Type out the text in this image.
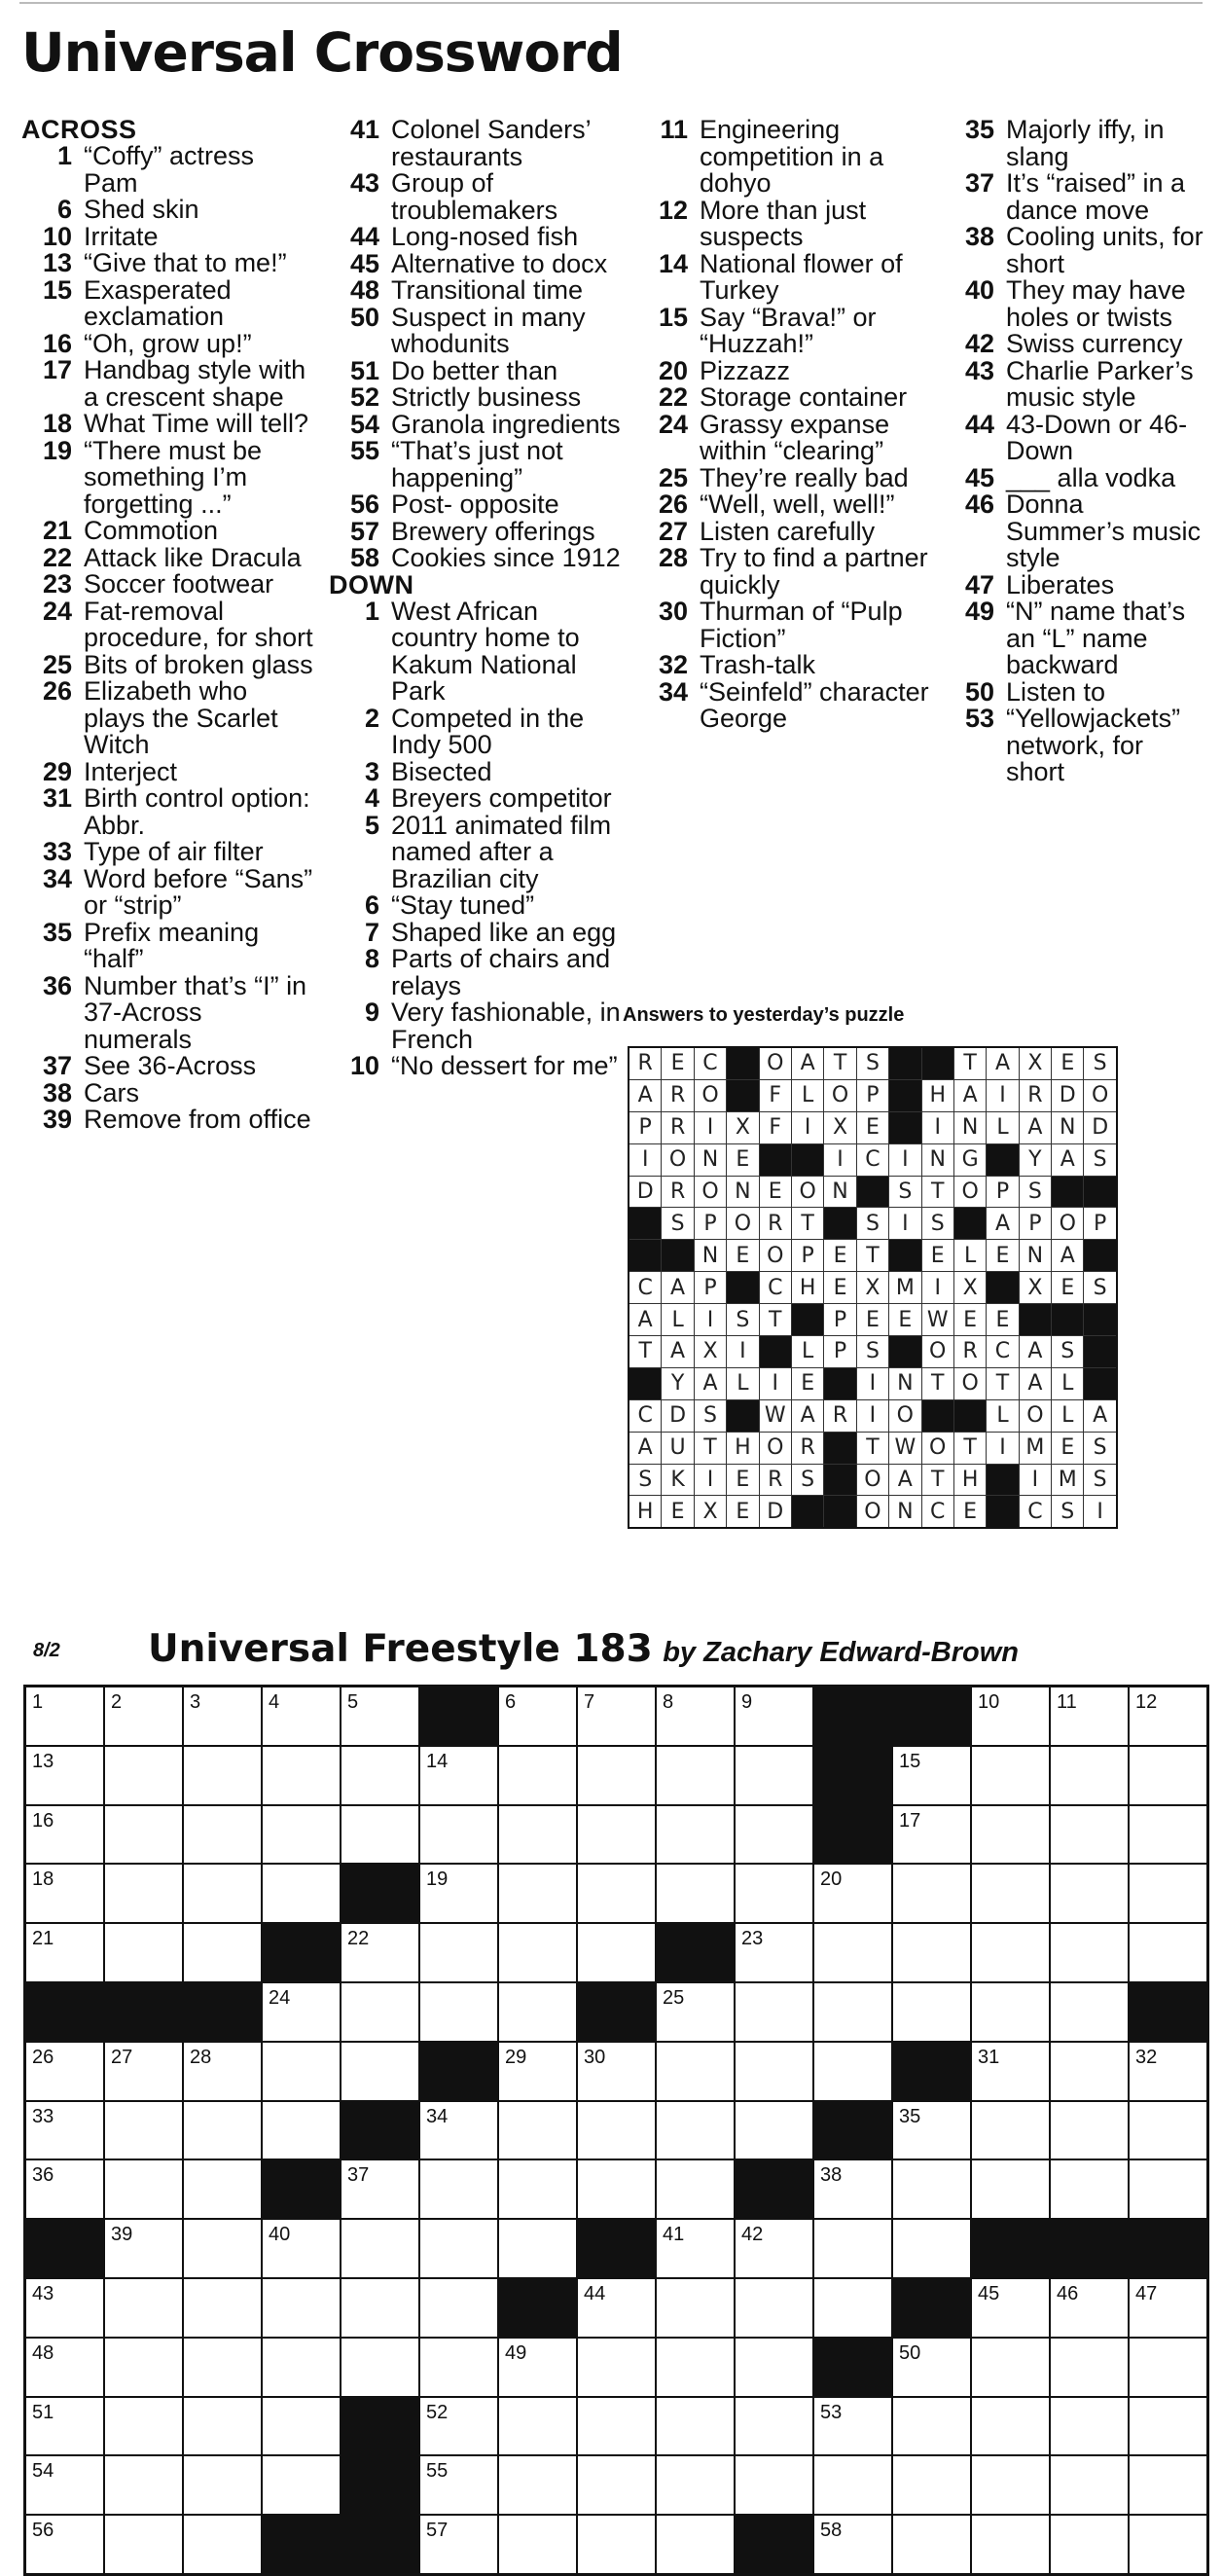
Universal Crossword
ACROSS
1 “Coffy” actress Pam
6 Shed skin
10 Irritate
13 “Give that to me!”
15 Exasperated exclamation
16 “Oh, grow up!”
17 Handbag style with a crescent shape
18 What Time will tell?
19 “There must be something I’m forgetting ...”
21 Commotion
22 Attack like Dracula
23 Soccer footwear
24 Fat-removal procedure, for short
25 Bits of broken glass
26 Elizabeth who plays the Scarlet Witch
29 Interject
31 Birth control option: Abbr.
33 Type of air filter
34 Word before “Sans” or “strip”
35 Prefix meaning “half”
36 Number that’s “I” in 37-Across numerals
37 See 36-Across
38 Cars
39 Remove from office
41 Colonel Sanders’ restaurants
43 Group of troublemakers
44 Long-nosed fish
45 Alternative to docx
48 Transitional time
50 Suspect in many whodunits
51 Do better than
52 Strictly business
54 Granola ingredients
55 “That’s just not happening”
56 Post- opposite
57 Brewery offerings
58 Cookies since 1912
DOWN
1 West African country home to Kakum National Park
2 Competed in the Indy 500
3 Bisected
4 Breyers competitor
5 2011 animated film named after a Brazilian city
6 “Stay tuned”
7 Shaped like an egg
8 Parts of chairs and relays
9 Very fashionable, in French
10 “No dessert for me”
11 Engineering competition in a dohyo
12 More than just suspects
14 National flower of Turkey
15 Say “Brava!” or “Huzzah!”
20 Pizzazz
22 Storage container
24 Grassy expanse within “clearing”
25 They’re really bad
26 “Well, well, well!”
27 Listen carefully
28 Try to find a partner quickly
30 Thurman of “Pulp Fiction”
32 Trash-talk
34 “Seinfeld” character George
35 Majorly iffy, in slang
37 It’s “raised” in a dance move
38 Cooling units, for short
40 They may have holes or twists
42 Swiss currency
43 Charlie Parker’s music style
44 43-Down or 46-Down
45 ___ alla vodka
46 Donna Summer’s music style
47 Liberates
49 “N” name that’s an “L” name backward
50 Listen to
53 “Yellowjackets” network, for short
Answers to yesterday’s puzzle
R	E	C		O	A	T	S			T	A	X	E	S
A	R	O		F	L	O	P		H	A	I	R	D	O
P	R	I	X	F	I	X	E		I	N	L	A	N	D
I	O	N	E			I	C	I	N	G		Y	A	S
D	R	O	N	E	O	N		S	T	O	P	S		
	S	P	O	R	T		S	I	S		A	P	O	P
		N	E	O	P	E	T		E	L	E	N	A	
C	A	P		C	H	E	X	M	I	X		X	E	S
A	L	I	S	T		P	E	E	W	E	E			
T	A	X	I		L	P	S		O	R	C	A	S	
	Y	A	L	I	E		I	N	T	O	T	A	L	
C	D	S		W	A	R	I	O			L	O	L	A
A	U	T	H	O	R		T	W	O	T	I	M	E	S
S	K	I	E	R	S		O	A	T	H		I	M	S
H	E	X	E	D			O	N	C	E		C	S	I
8/2 Universal Freestyle 183 by Zachary Edward-Brown
1	2	3	4	5		6	7	8	9			10	11	12

13					14						15			

16											17			

18					19					20				

21				22					23					

			24					25						

26	27	28				29	30					31		32

33					34						35			

36				37						38				

	39		40					41	42					

43							44					45	46	47

48						49					50			

51					52					53				

54					55									

56					57					58				
